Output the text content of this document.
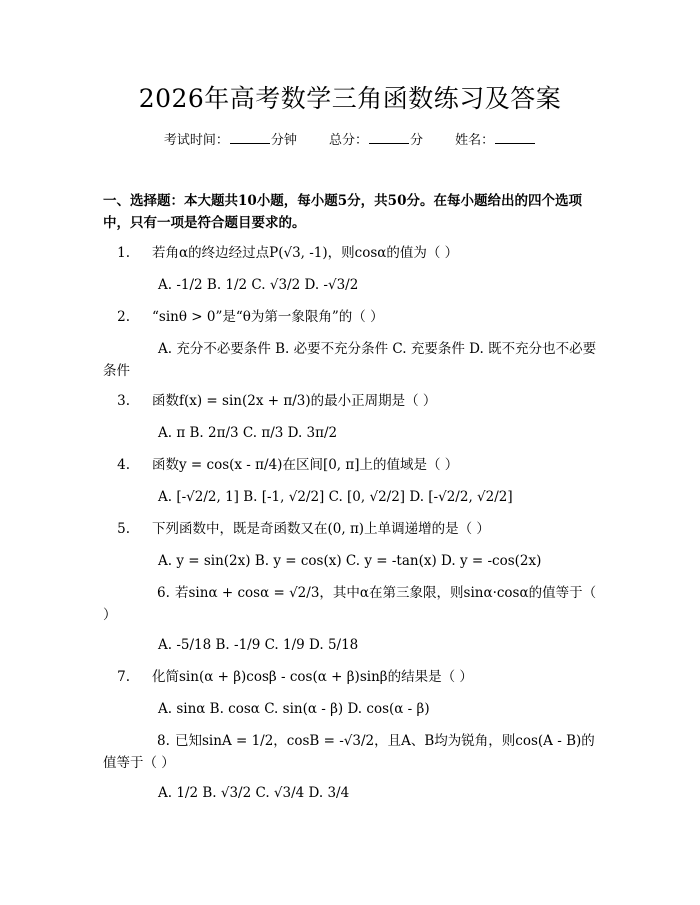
2026年高考数学三角函数练习及答案
考试时间：	分钟 总分：	分 姓名：
一、选择题：本大题共10小题，每小题5分，共50分。在每小题给出的四个选项中，只有一项是符合题目要求的。
1. 若角α的终边经过点P(√3, -1)，则cosα的值为（ ）
A. -1/2 B. 1/2 C. √3/2 D. -√3/2
2. “sinθ > 0”是“θ为第一象限角”的（ ）
A. 充分不必要条件 B. 必要不充分条件 C. 充要条件 D. 既不充分也不必要条件
3. 函数f(x) = sin(2x + π/3)的最小正周期是（ ）
A. π B. 2π/3 C. π/3 D. 3π/2
4. 函数y = cos(x - π/4)在区间[0, π]上的值域是（ ）
A. [-√2/2, 1] B. [-1, √2/2] C. [0, √2/2] D. [-√2/2, √2/2]
5. 下列函数中，既是奇函数又在(0, π)上单调递增的是（ ）
A. y = sin(2x) B. y = cos(x) C. y = -tan(x) D. y = -cos(2x)
6. 若sinα + cosα = √2/3，其中α在第三象限，则sinα·cosα的值等于（ ）
A. -5/18 B. -1/9 C. 1/9 D. 5/18
7. 化简sin(α + β)cosβ - cos(α + β)sinβ的结果是（ ）
A. sinα B. cosα C. sin(α - β) D. cos(α - β)
8. 已知sinA = 1/2，cosB = -√3/2，且A、B均为锐角，则cos(A - B)的值等于（ ）
A. 1/2 B. √3/2 C. √3/4 D. 3/4
